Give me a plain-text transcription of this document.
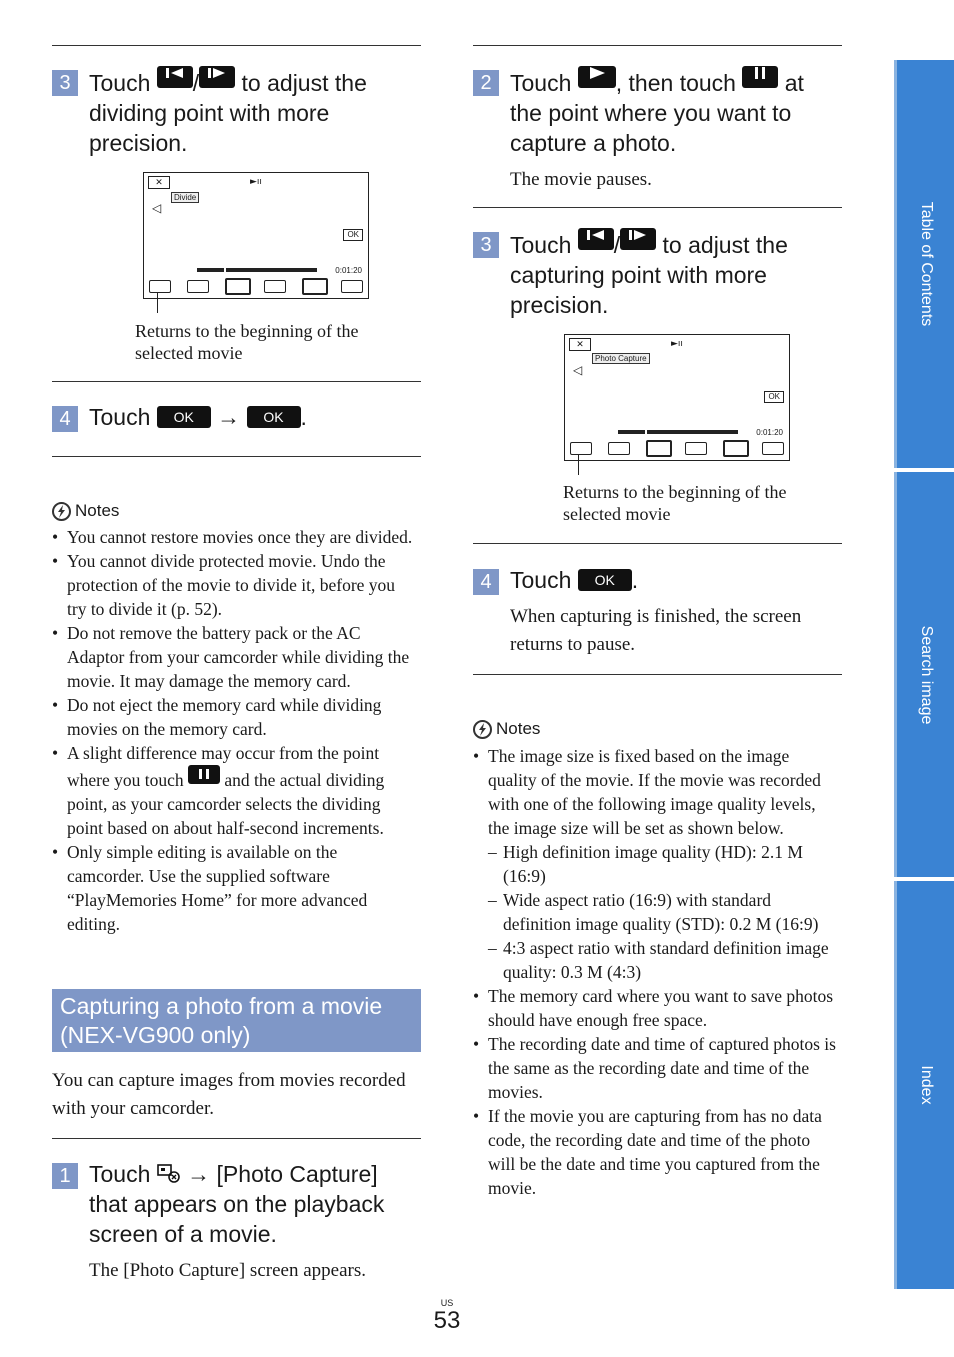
3 Touch / to adjust the dividing point with more precision.
✕
Divide
◁
►ıı
OK
0:01:20
Returns to the beginning of the selected movie
4 Touch OK → OK .
Notes
• You cannot restore movies once they are divided.
• You cannot divide protected movie. Undo the protection of the movie to divide it, before you try to divide it (p. 52).
• Do not remove the battery pack or the AC Adaptor from your camcorder while dividing the movie. It may damage the memory card.
• Do not eject the memory card while dividing movies on the memory card.
• A slight difference may occur from the point where you touch and the actual dividing point, as your camcorder selects the dividing point based on about half-second increments.
• Only simple editing is available on the camcorder. Use the supplied software “PlayMemories Home” for more advanced editing.
Capturing a photo from a movie (NEX-VG900 only)
You can capture images from movies recorded with your camcorder.
1 Touch → [Photo Capture] that appears on the playback screen of a movie.
The [Photo Capture] screen appears.
2 Touch , then touch at the point where you want to capture a photo.
The movie pauses.
3 Touch / to adjust the capturing point with more precision.
✕
Photo Capture
◁
►ıı
OK
0:01:20
Returns to the beginning of the selected movie
4 Touch OK .
When capturing is finished, the screen returns to pause.
Notes
• The image size is fixed based on the image quality of the movie. If the movie was recorded with one of the following image quality levels, the image size will be set as shown below.
– High definition image quality (HD): 2.1 M (16:9)
– Wide aspect ratio (16:9) with standard definition image quality (STD): 0.2 M (16:9)
– 4:3 aspect ratio with standard definition image quality: 0.3 M (4:3)
• The memory card where you want to save photos should have enough free space.
• The recording date and time of captured photos is the same as the recording date and time of the movies.
• If the movie you are capturing from has no data code, the recording date and time of the photo will be the date and time you captured from the movie.
Table of Contents
Search image
Index
US
53
